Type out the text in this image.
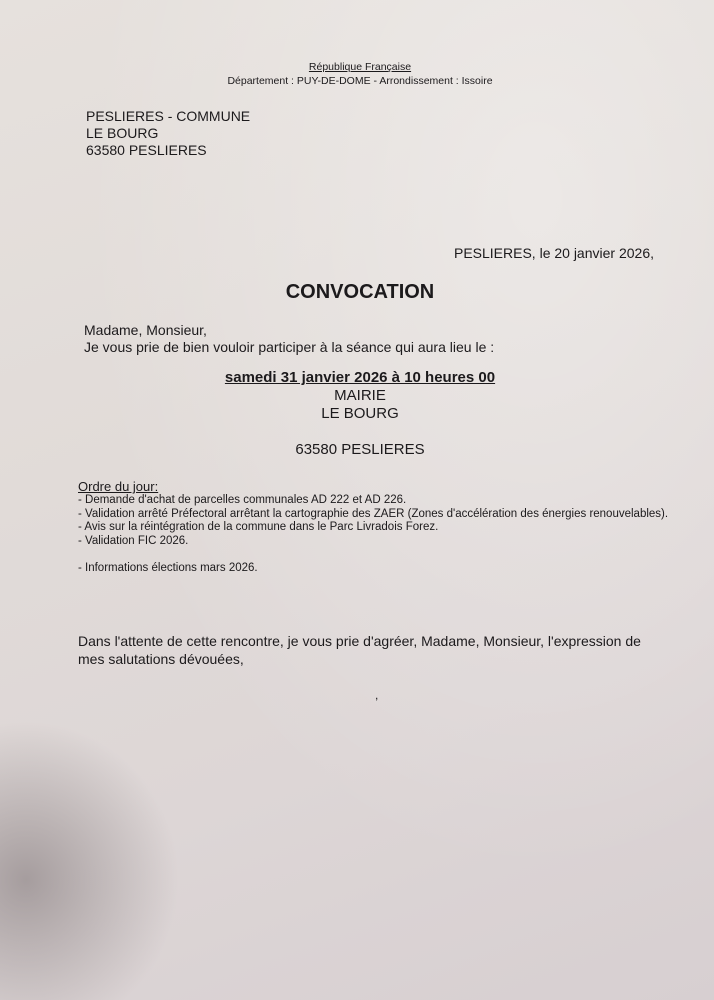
République Française
Département : PUY-DE-DOME - Arrondissement : Issoire
PESLIERES - COMMUNE
LE BOURG
63580 PESLIERES
PESLIERES, le 20 janvier 2026,
CONVOCATION
Madame, Monsieur,
Je vous prie de bien vouloir participer à la séance qui aura lieu le :
samedi 31 janvier 2026 à 10 heures 00
MAIRIE
LE BOURG
63580 PESLIERES
Ordre du jour:
- Demande d'achat de parcelles communales AD 222 et AD 226.
- Validation arrêté Préfectoral arrêtant la cartographie des ZAER (Zones d'accélération des énergies renouvelables).
- Avis sur la réintégration de la commune dans le Parc Livradois Forez.
- Validation FIC 2026.
- Informations élections mars 2026.
Dans l'attente de cette rencontre, je vous prie d'agréer, Madame, Monsieur, l'expression de mes salutations dévouées,
,
